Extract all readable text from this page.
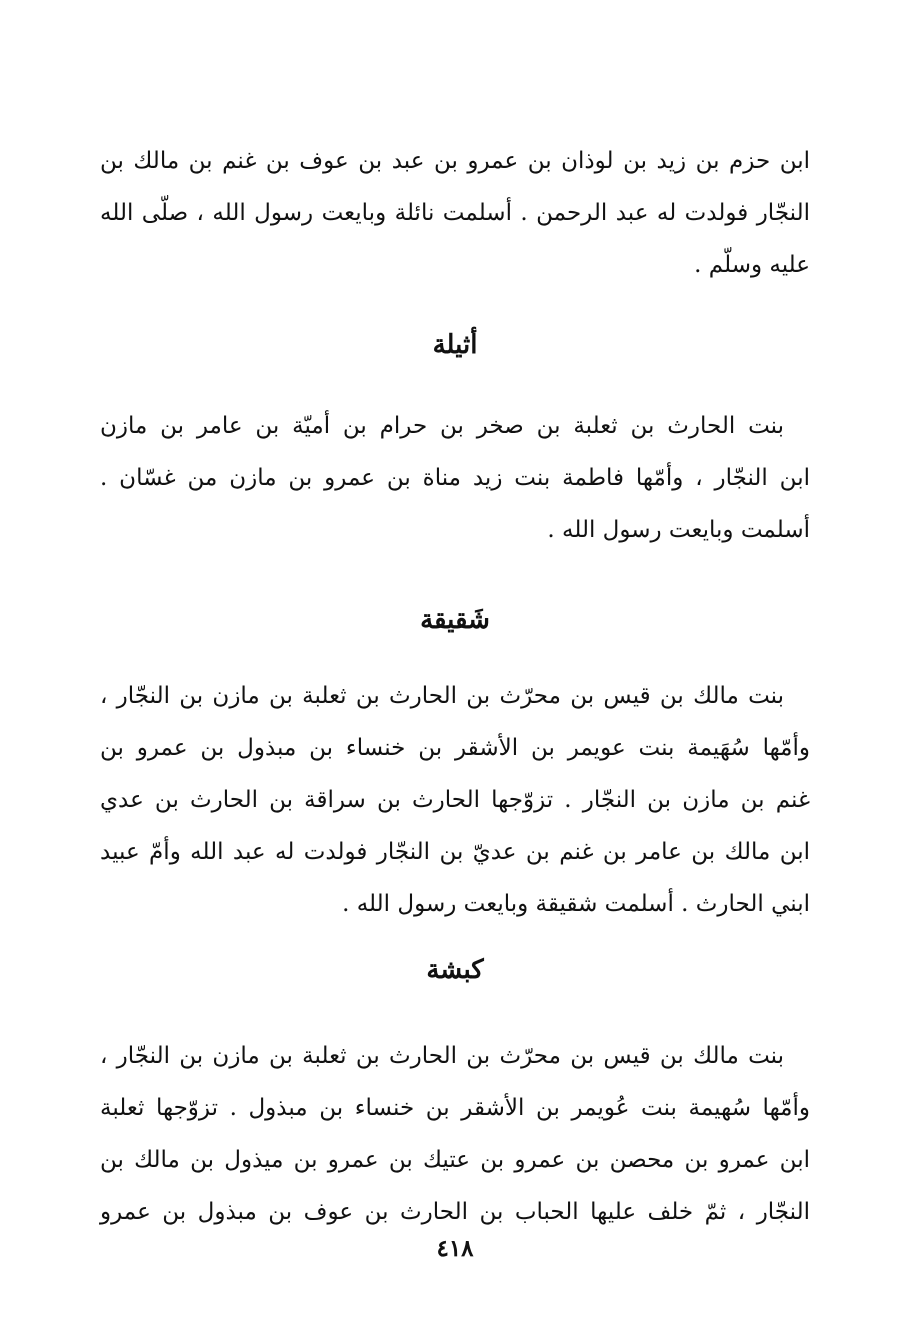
ابن حزم بن زيد بن لوذان بن عمرو بن عبد بن عوف بن غنم بن مالك بن
النجّار فولدت له عبد الرحمن . أسلمت نائلة وبايعت رسول الله ، صلّى الله
عليه وسلّم .
أثيلة
بنت الحارث بن ثعلبة بن صخر بن حرام بن أميّة بن عامر بن مازن
ابن النجّار ، وأمّها فاطمة بنت زيد مناة بن عمرو بن مازن من غسّان .
أسلمت وبايعت رسول الله .
شَقيقة
بنت مالك بن قيس بن محرّث بن الحارث بن ثعلبة بن مازن بن النجّار ،
وأمّها سُهَيمة بنت عويمر بن الأشقر بن خنساء بن مبذول بن عمرو بن
غنم بن مازن بن النجّار . تزوّجها الحارث بن سراقة بن الحارث بن عدي
ابن مالك بن عامر بن غنم بن عديّ بن النجّار فولدت له عبد الله وأمّ عبيد
ابني الحارث . أسلمت شقيقة وبايعت رسول الله .
كبشة
بنت مالك بن قيس بن محرّث بن الحارث بن ثعلبة بن مازن بن النجّار ،
وأمّها سُهيمة بنت عُويمر بن الأشقر بن خنساء بن مبذول . تزوّجها ثعلبة
ابن عمرو بن محصن بن عمرو بن عتيك بن عمرو بن ميذول بن مالك بن
النجّار ، ثمّ خلف عليها الحباب بن الحارث بن عوف بن مبذول بن عمرو
٤١٨
